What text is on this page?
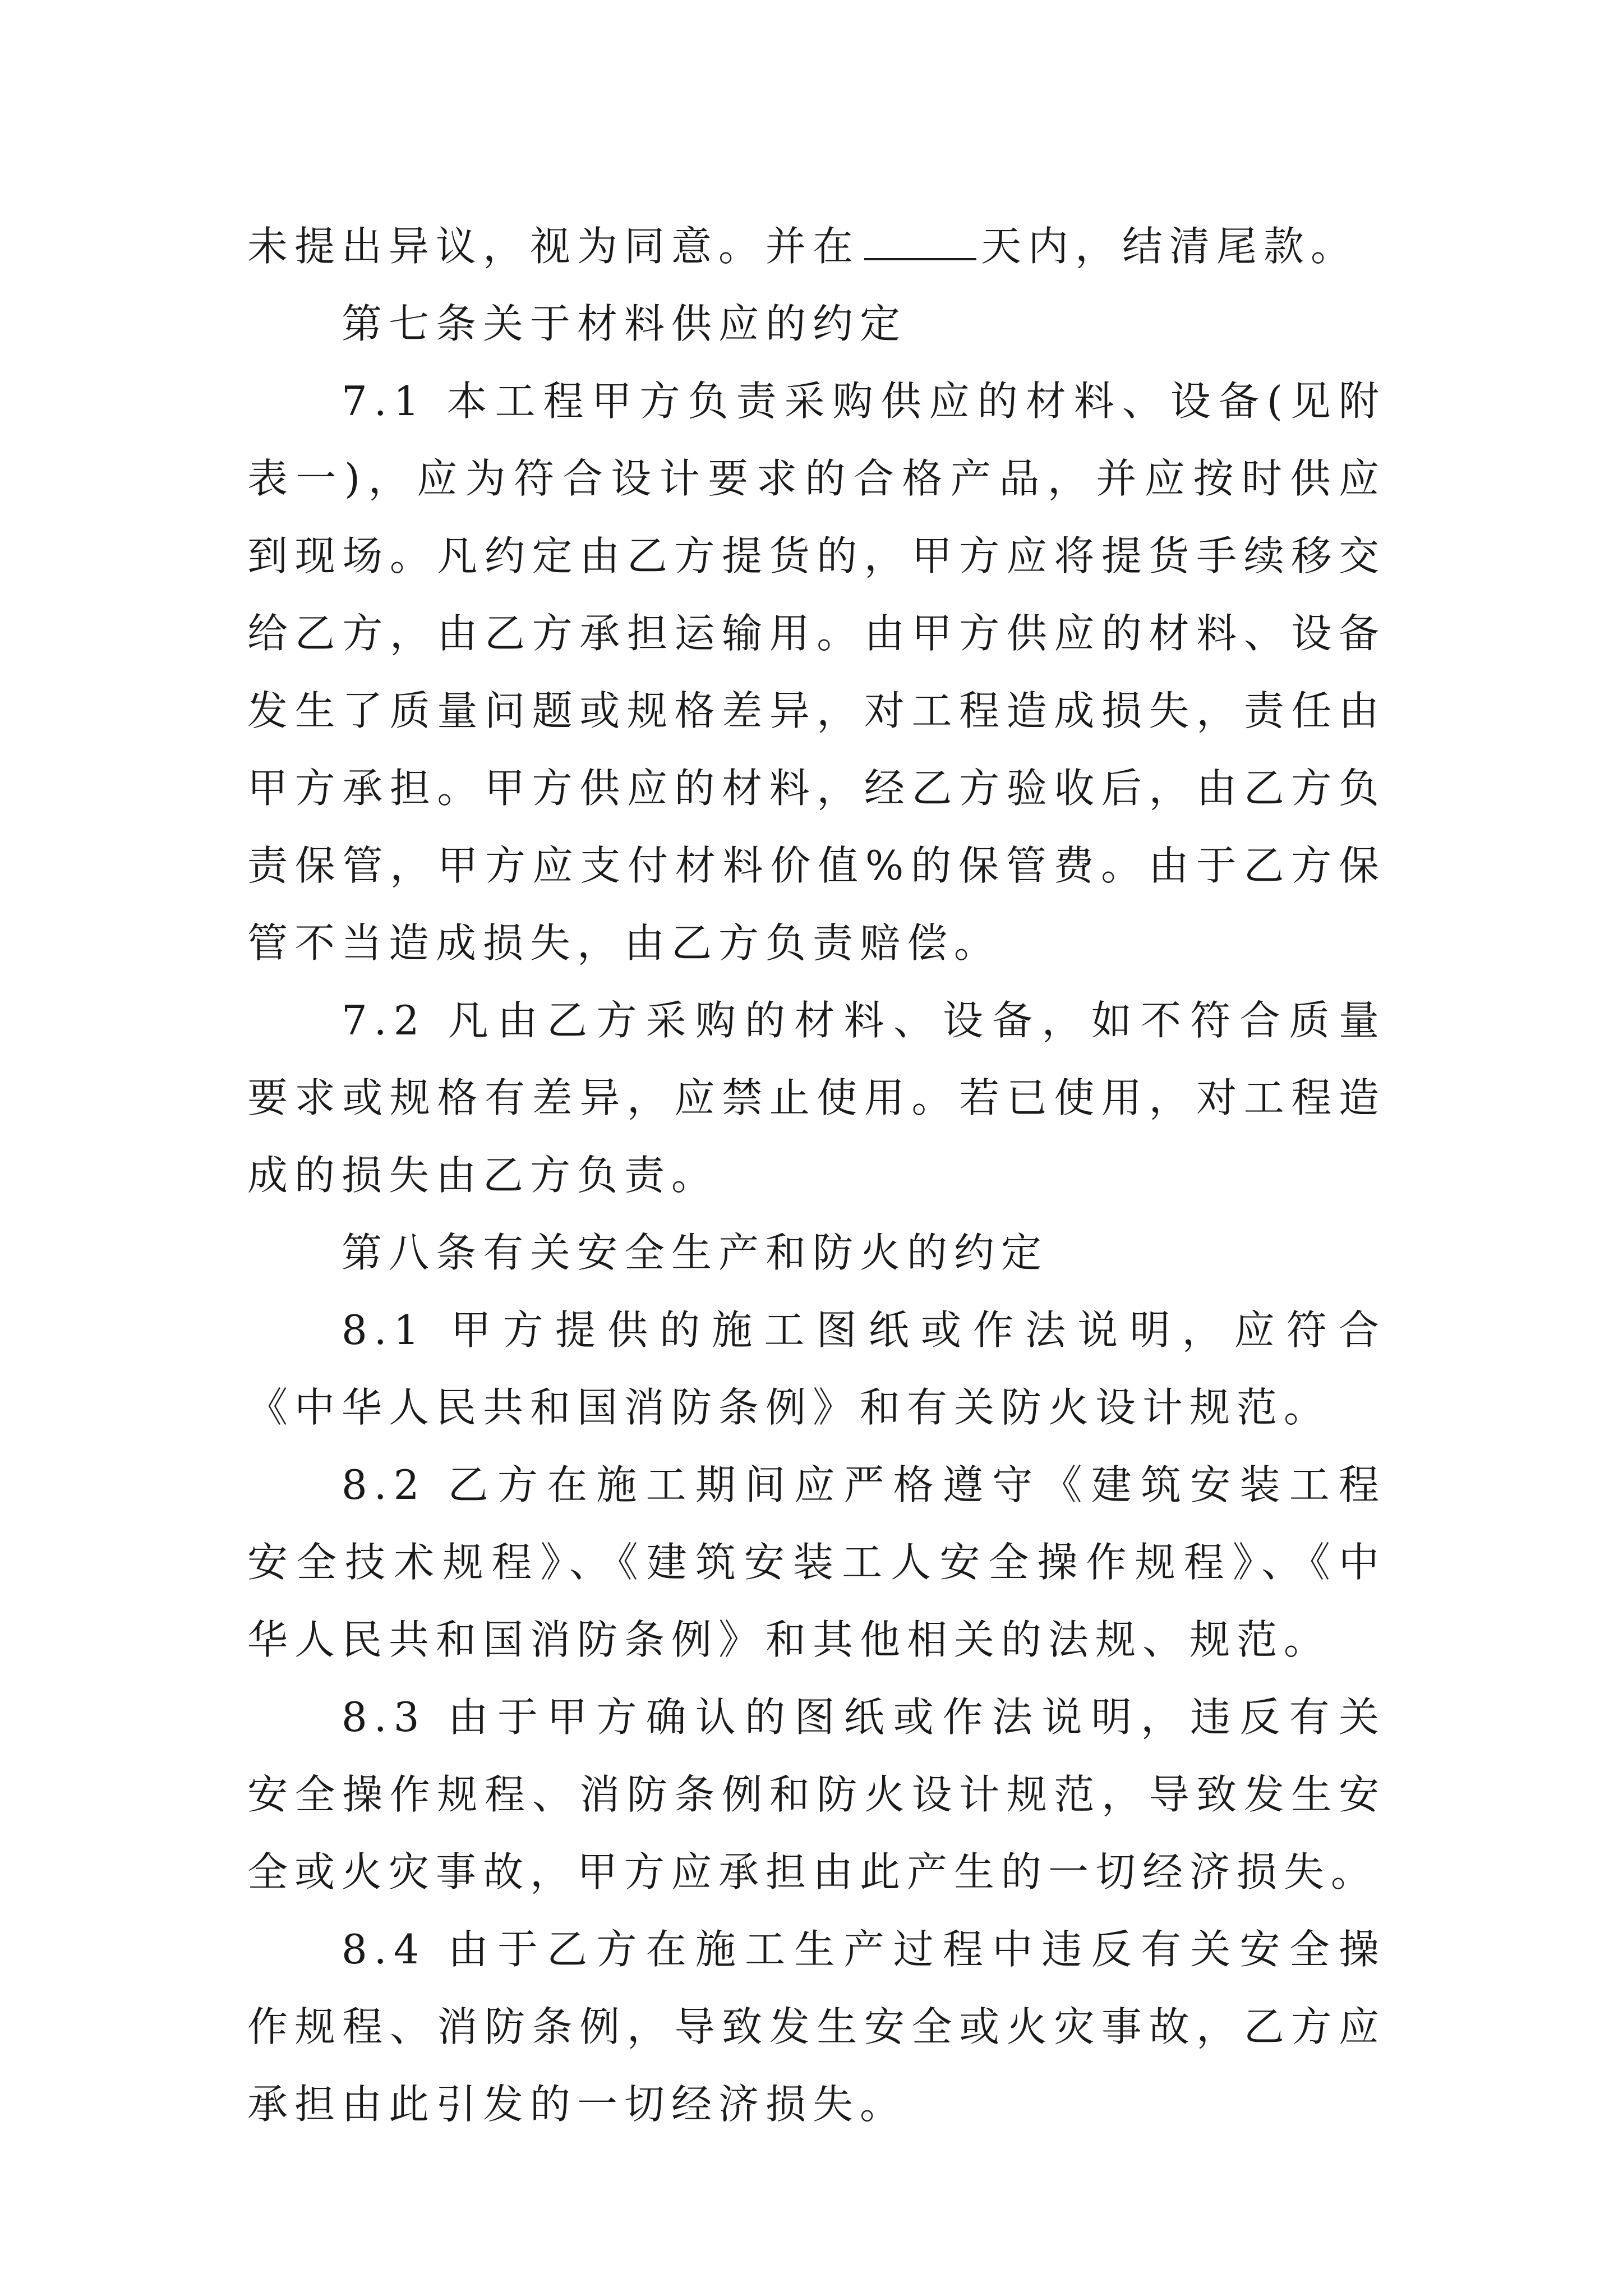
未提出异议，视为同意。并在	天内，结清尾款。

第七条关于材料供应的约定

7.1 本工程甲方负责采购供应的材料、设备(见附表一)，应为符合设计要求的合格产品，并应按时供应到现场。凡约定由乙方提货的，甲方应将提货手续移交给乙方，由乙方承担运输用。由甲方供应的材料、设备发生了质量问题或规格差异，对工程造成损失，责任由甲方承担。甲方供应的材料，经乙方验收后，由乙方负责保管，甲方应支付材料价值%的保管费。由于乙方保管不当造成损失，由乙方负责赔偿。

7.2 凡由乙方采购的材料、设备，如不符合质量要求或规格有差异，应禁止使用。若已使用，对工程造成的损失由乙方负责。

第八条有关安全生产和防火的约定

8.1 甲方提供的施工图纸或作法说明，应符合《中华人民共和国消防条例》和有关防火设计规范。

8.2 乙方在施工期间应严格遵守《建筑安装工程安全技术规程》、《建筑安装工人安全操作规程》、《中华人民共和国消防条例》和其他相关的法规、规范。

8.3 由于甲方确认的图纸或作法说明，违反有关安全操作规程、消防条例和防火设计规范，导致发生安全或火灾事故，甲方应承担由此产生的一切经济损失。

8.4 由于乙方在施工生产过程中违反有关安全操作规程、消防条例，导致发生安全或火灾事故，乙方应承担由此引发的一切经济损失。
